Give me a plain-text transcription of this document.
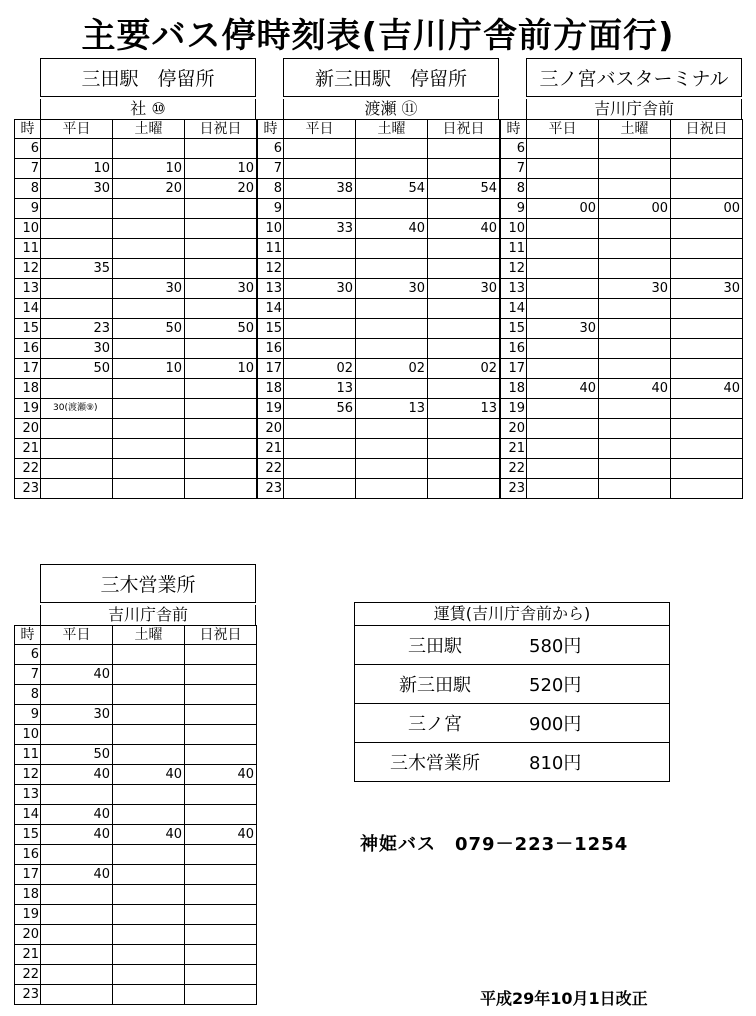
主要バス停時刻表(吉川庁舎前方面行)
三田駅　停留所	新三田駅　停留所	三ノ宮バスターミナル
三木営業所
社 ⑩	渡瀬 ⑪	吉川庁舎前
吉川庁舎前
時	平日	土曜	日祝日
6			
7	10	10	10
8	30	20	20
9			
10			
11			
12	35		
13		30	30
14			
15	23	50	50
16	30		
17	50	10	10
18			
19	30(渡瀬⑨)		
20			
21			
22			
23			
時	平日	土曜	日祝日
6			
7			
8	38	54	54
9			
10	33	40	40
11			
12			
13	30	30	30
14			
15			
16			
17	02	02	02
18	13		
19	56	13	13
20			
21			
22			
23			
時	平日	土曜	日祝日
6			
7			
8			
9	00	00	00
10			
11			
12			
13		30	30
14			
15	30		
16			
17			
18	40	40	40
19			
20			
21			
22			
23			
時	平日	土曜	日祝日
6			
7	40		
8			
9	30		
10			
11	50		
12	40	40	40
13			
14	40		
15	40	40	40
16			
17	40		
18			
19			
20			
21			
22			
23			
運賃(吉川庁舎前から)
三田駅	580円
新三田駅	520円
三ノ宮	900円
三木営業所	810円
神姫バス　079－223－1254
平成29年10月1日改正
